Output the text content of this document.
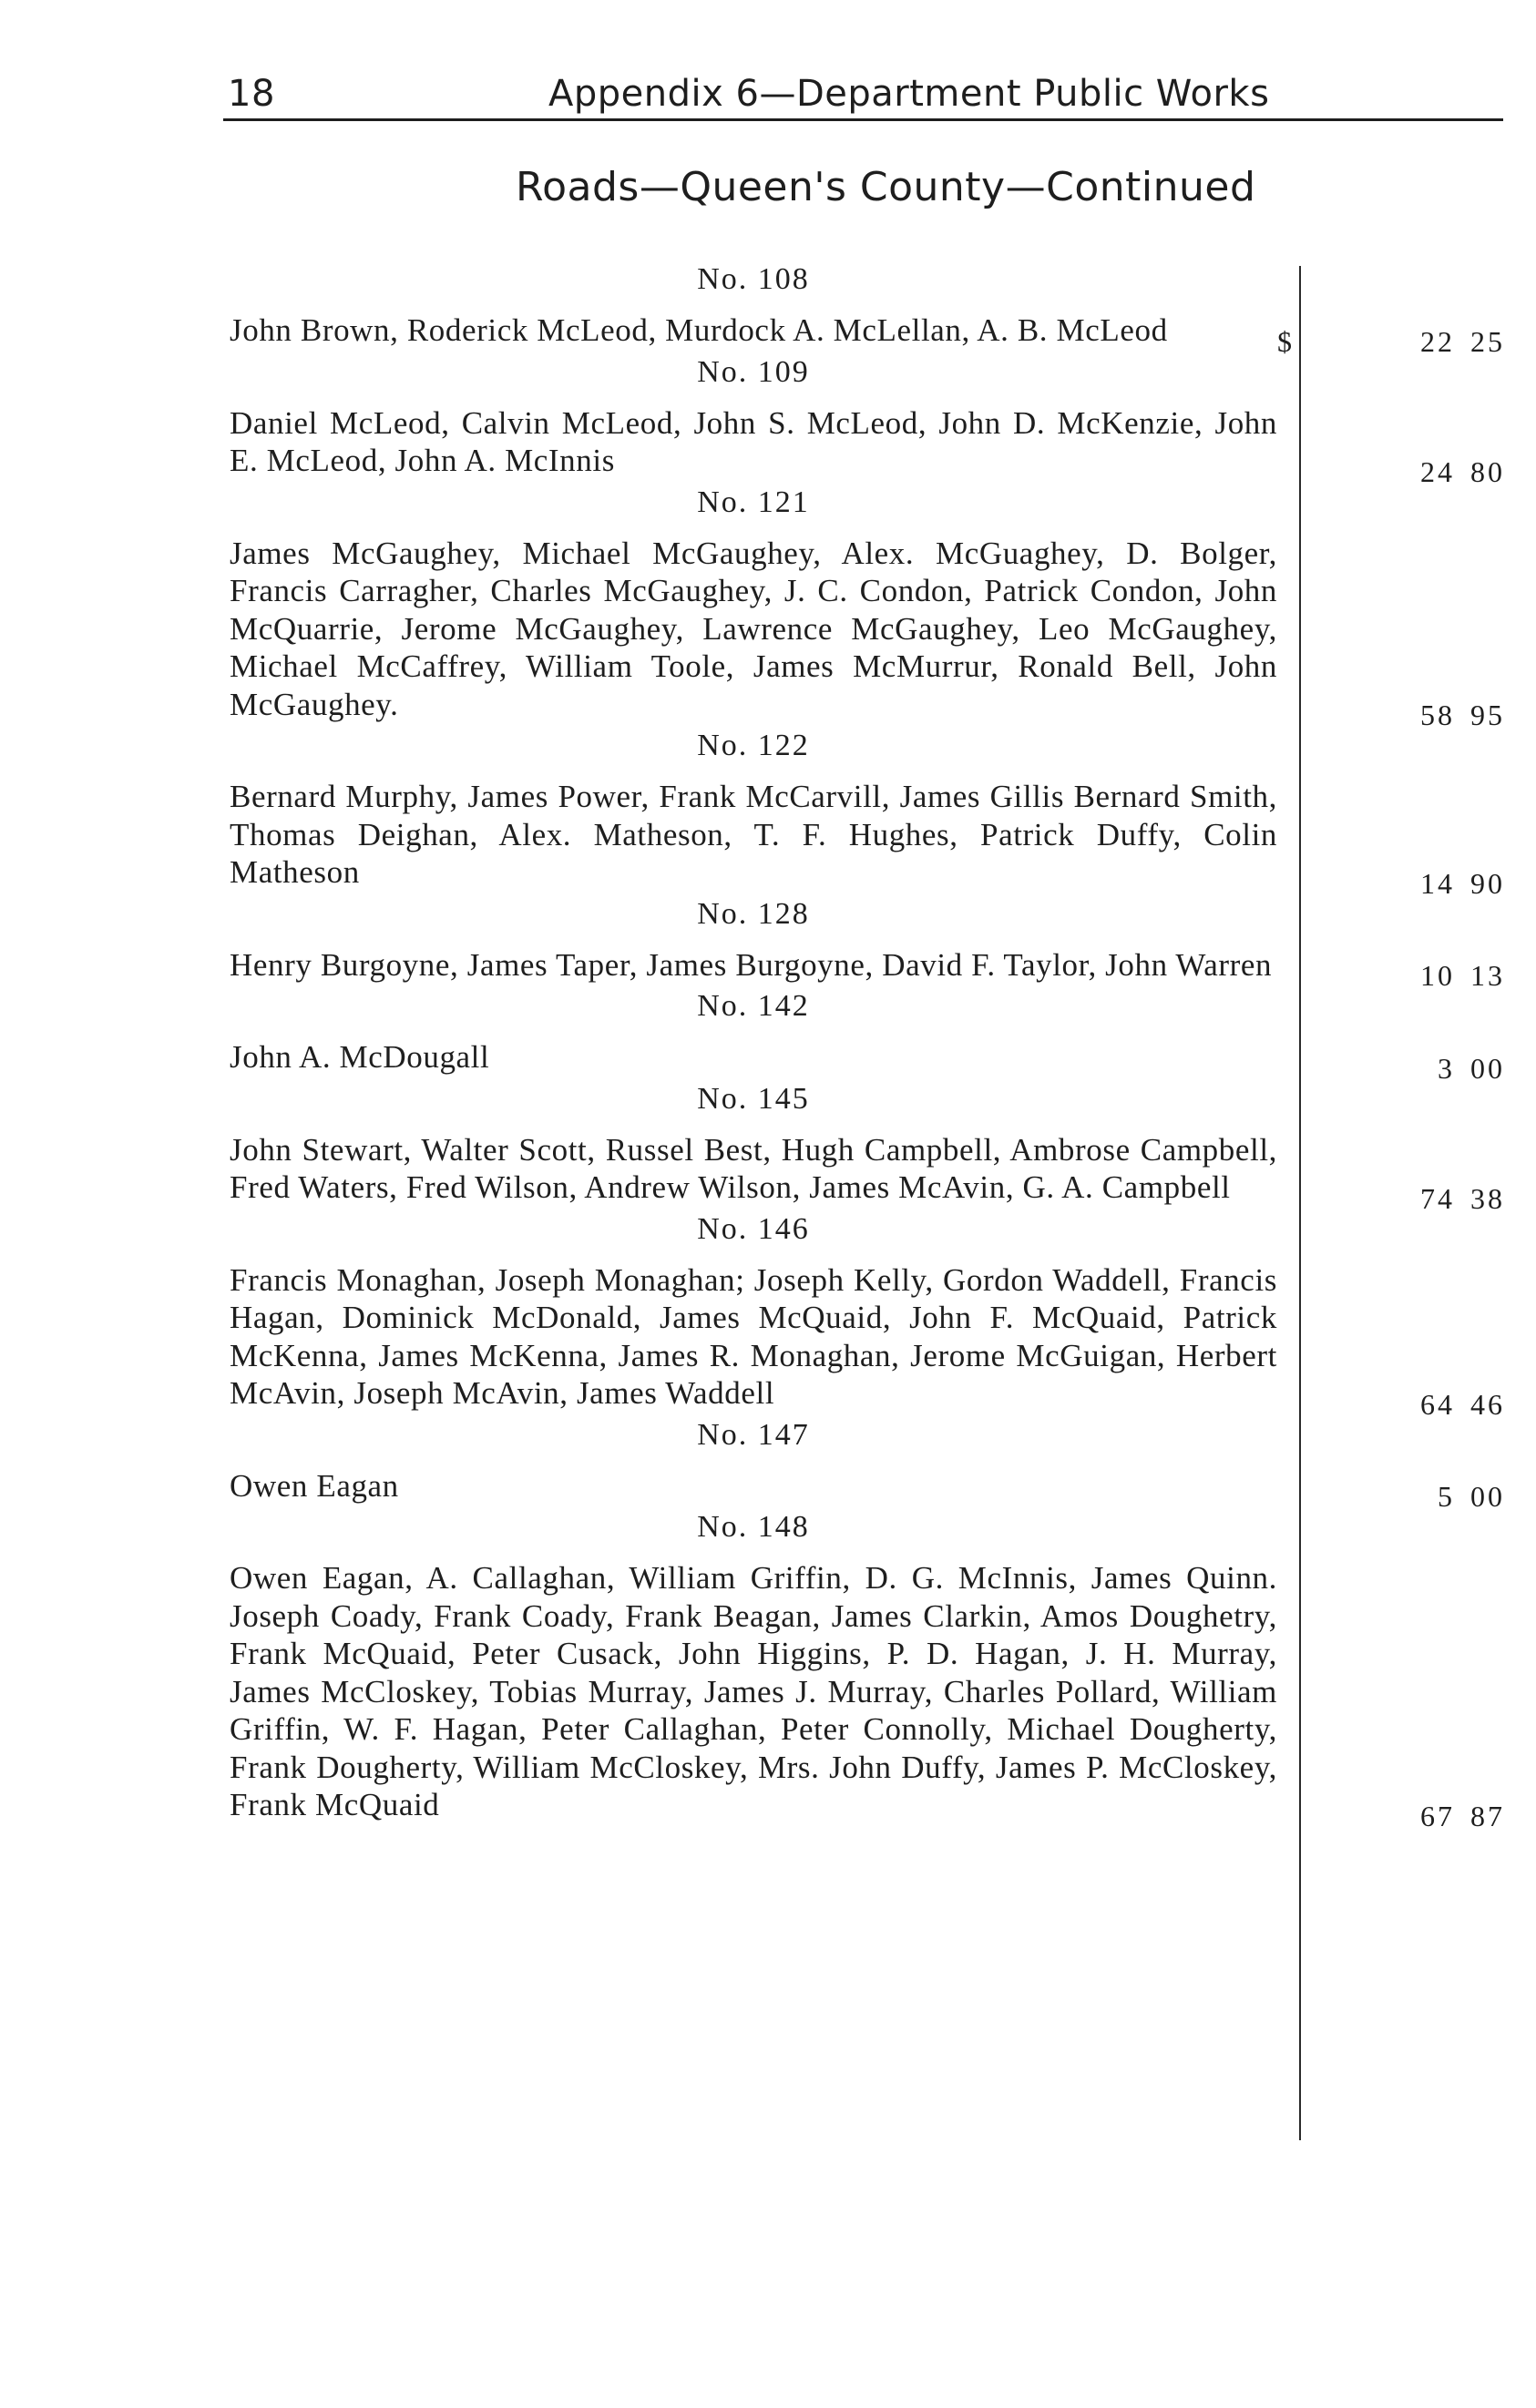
18	Appendix 6—Department Public Works
Roads—Queen's County—Continued
No. 108
John Brown, Roderick McLeod, Murdock A. McLellan, A. B. McLeod	$	22 25
No. 109
Daniel McLeod, Calvin McLeod, John S. McLeod, John D. McKenzie, John E. McLeod, John A. McInnis	24 80
No. 121
James McGaughey, Michael McGaughey, Alex. McGuaghey, D. Bolger, Francis Carragher, Charles McGaughey, J. C. Condon, Patrick Condon, John McQuarrie, Jerome McGaughey, Lawrence McGaughey, Leo McGaughey, Michael McCaffrey, William Toole, James McMurrur, Ronald Bell, John McGaughey.	58 95
No. 122
Bernard Murphy, James Power, Frank McCarvill, James Gillis Bernard Smith, Thomas Deighan, Alex. Matheson, T. F. Hughes, Patrick Duffy, Colin Matheson	14 90
No. 128
Henry Burgoyne, James Taper, James Burgoyne, David F. Taylor, John Warren	10 13
No. 142
John A. McDougall	3 00
No. 145
John Stewart, Walter Scott, Russel Best, Hugh Campbell, Ambrose Campbell, Fred Waters, Fred Wilson, Andrew Wilson, James McAvin, G. A. Campbell	74 38
No. 146
Francis Monaghan, Joseph Monaghan; Joseph Kelly, Gordon Waddell, Francis Hagan, Dominick McDonald, James McQuaid, John F. McQuaid, Patrick McKenna, James McKenna, James R. Monaghan, Jerome McGuigan, Herbert McAvin, Joseph McAvin, James Waddell	64 46
No. 147
Owen Eagan	5 00
No. 148
Owen Eagan, A. Callaghan, William Griffin, D. G. McInnis, James Quinn. Joseph Coady, Frank Coady, Frank Beagan, James Clarkin, Amos Doughetry, Frank McQuaid, Peter Cusack, John Higgins, P. D. Hagan, J. H. Murray, James McCloskey, Tobias Murray, James J. Murray, Charles Pollard, William Griffin, W. F. Hagan, Peter Callaghan, Peter Connolly, Michael Dougherty, Frank Dougherty, William McCloskey, Mrs. John Duffy, James P. McCloskey, Frank McQuaid	67 87
